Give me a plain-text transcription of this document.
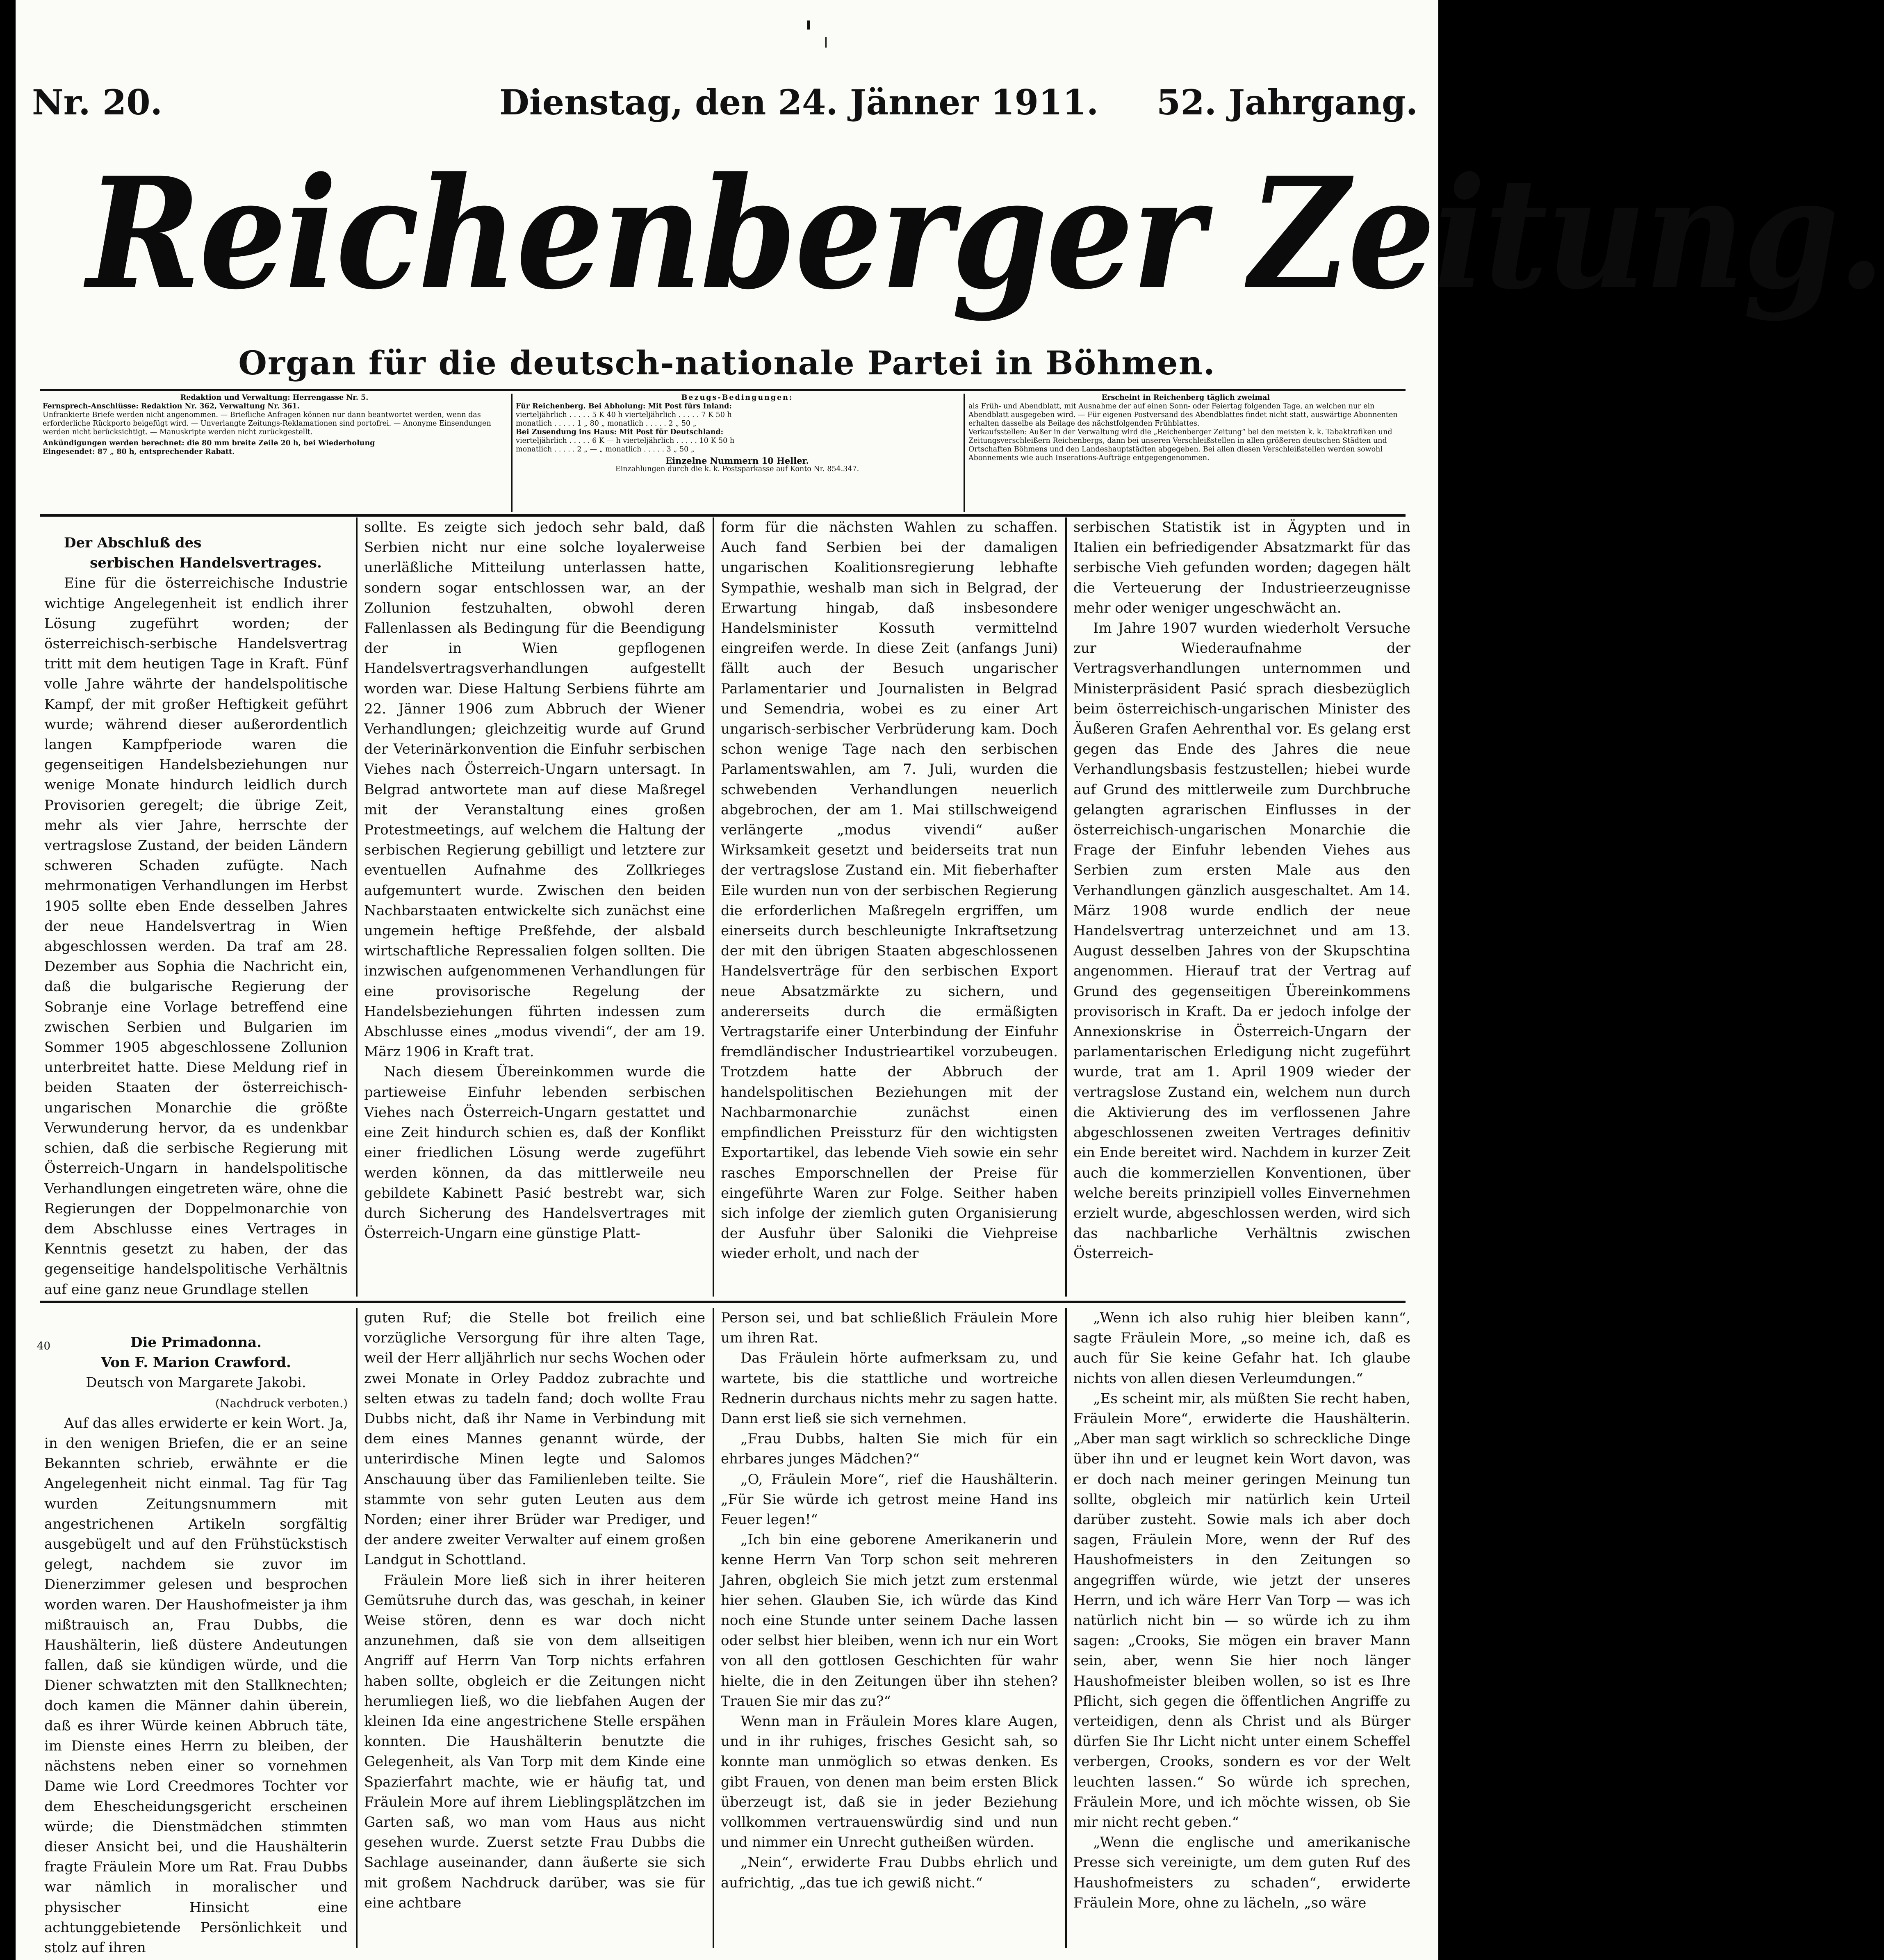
Nr. 20.	Dienstag, den 24. Jänner 1911. 52. Jahrgang.
Reichenberger Zeitung.
Organ für die deutsch-nationale Partei in Böhmen.

Redaktion und Verwaltung: Herrengasse Nr. 5.

Fernsprech-Anschlüsse: Redaktion Nr. 362, Verwaltung Nr. 361.

Unfrankierte Briefe werden nicht angenommen. — Briefliche Anfragen können nur dann beantwortet werden, wenn das erforderliche Rückporto beigefügt wird. — Unverlangte Zeitungs-Reklamationen sind portofrei. — Anonyme Einsendungen werden nicht berücksichtigt. — Manuskripte werden nicht zurückgestellt.

Ankündigungen werden berechnet: die 80 mm breite Zeile 20 h, bei Wiederholung

Eingesendet: 87 „ 80 h, entsprechender Rabatt.

Bezugs-Bedingungen:

Für Reichenberg. Bei Abholung: Mit Post fürs Inland:

vierteljährlich . . . . . 5 K 40 h vierteljährlich . . . . . 7 K 50 h

monatlich . . . . . 1 „ 80 „ monatlich . . . . . 2 „ 50 „

Bei Zusendung ins Haus: Mit Post für Deutschland:

vierteljährlich . . . . . 6 K — h vierteljährlich . . . . . 10 K 50 h

monatlich . . . . . 2 „ — „ monatlich . . . . . 3 „ 50 „

Einzelne Nummern 10 Heller.

Einzahlungen durch die k. k. Postsparkasse auf Konto Nr. 854.347.

Erscheint in Reichenberg täglich zweimal

als Früh- und Abendblatt, mit Ausnahme der auf einen Sonn- oder Feiertag folgenden Tage, an welchen nur ein Abendblatt ausgegeben wird. — Für eigenen Postversand des Abendblattes findet nicht statt, auswärtige Abonnenten erhalten dasselbe als Beilage des nächstfolgenden Frühblattes.

Verkaufsstellen: Außer in der Verwaltung wird die „Reichenberger Zeitung“ bei den meisten k. k. Tabaktrafiken und Zeitungsverschleißern Reichenbergs, dann bei unseren Verschleißstellen in allen größeren deutschen Städten und Ortschaften Böhmens und den Landeshauptstädten abgegeben. Bei allen diesen Verschleißstellen werden sowohl Abonnements wie auch Inserations-Aufträge entgegengenommen.

Der Abschluß des

serbischen Handelsvertrages.

Eine für die österreichische Industrie wichtige Angelegenheit ist endlich ihrer Lösung zugeführt worden; der österreichisch-serbische Handelsvertrag tritt mit dem heutigen Tage in Kraft. Fünf volle Jahre währte der handelspolitische Kampf, der mit großer Heftigkeit geführt wurde; während dieser außerordentlich langen Kampfperiode waren die gegenseitigen Handelsbeziehungen nur wenige Monate hindurch leidlich durch Provisorien geregelt; die übrige Zeit, mehr als vier Jahre, herrschte der vertragslose Zustand, der beiden Ländern schweren Schaden zufügte. Nach mehrmonatigen Verhandlungen im Herbst 1905 sollte eben Ende desselben Jahres der neue Handelsvertrag in Wien abgeschlossen werden. Da traf am 28. Dezember aus Sophia die Nachricht ein, daß die bulgarische Regierung der Sobranje eine Vorlage betreffend eine zwischen Serbien und Bulgarien im Sommer 1905 abgeschlossene Zollunion unterbreitet hatte. Diese Meldung rief in beiden Staaten der österreichisch-ungarischen Monarchie die größte Verwunderung hervor, da es undenkbar schien, daß die serbische Regierung mit Österreich-Ungarn in handelspolitische Verhandlungen eingetreten wäre, ohne die Regierungen der Doppelmonarchie von dem Abschlusse eines Vertrages in Kenntnis gesetzt zu haben, der das gegenseitige handelspolitische Verhältnis auf eine ganz neue Grundlage stellen

sollte. Es zeigte sich jedoch sehr bald, daß Serbien nicht nur eine solche loyalerweise unerläßliche Mitteilung unterlassen hatte, sondern sogar entschlossen war, an der Zollunion festzuhalten, obwohl deren Fallenlassen als Bedingung für die Beendigung der in Wien gepflogenen Handelsvertragsverhandlungen aufgestellt worden war. Diese Haltung Serbiens führte am 22. Jänner 1906 zum Abbruch der Wiener Verhandlungen; gleichzeitig wurde auf Grund der Veterinärkonvention die Einfuhr serbischen Viehes nach Österreich-Ungarn untersagt. In Belgrad antwortete man auf diese Maßregel mit der Veranstaltung eines großen Protestmeetings, auf welchem die Haltung der serbischen Regierung gebilligt und letztere zur eventuellen Aufnahme des Zollkrieges aufgemuntert wurde. Zwischen den beiden Nachbarstaaten entwickelte sich zunächst eine ungemein heftige Preßfehde, der alsbald wirtschaftliche Repressalien folgen sollten. Die inzwischen aufgenommenen Verhandlungen für eine provisorische Regelung der Handelsbeziehungen führten indessen zum Abschlusse eines „modus vivendi“, der am 19. März 1906 in Kraft trat.

Nach diesem Übereinkommen wurde die partieweise Einfuhr lebenden serbischen Viehes nach Österreich-Ungarn gestattet und eine Zeit hindurch schien es, daß der Konflikt einer friedlichen Lösung werde zugeführt werden können, da das mittlerweile neu gebildete Kabinett Pasić bestrebt war, sich durch Sicherung des Handelsvertrages mit Österreich-Ungarn eine günstige Platt-

form für die nächsten Wahlen zu schaffen. Auch fand Serbien bei der damaligen ungarischen Koalitionsregierung lebhafte Sympathie, weshalb man sich in Belgrad, der Erwartung hingab, daß insbesondere Handelsminister Kossuth vermittelnd eingreifen werde. In diese Zeit (anfangs Juni) fällt auch der Besuch ungarischer Parlamentarier und Journalisten in Belgrad und Semendria, wobei es zu einer Art ungarisch-serbischer Verbrüderung kam. Doch schon wenige Tage nach den serbischen Parlamentswahlen, am 7. Juli, wurden die schwebenden Verhandlungen neuerlich abgebrochen, der am 1. Mai stillschweigend verlängerte „modus vivendi“ außer Wirksamkeit gesetzt und beiderseits trat nun der vertragslose Zustand ein. Mit fieberhafter Eile wurden nun von der serbischen Regierung die erforderlichen Maßregeln ergriffen, um einerseits durch beschleunigte Inkraftsetzung der mit den übrigen Staaten abgeschlossenen Handelsverträge für den serbischen Export neue Absatzmärkte zu sichern, und andererseits durch die ermäßigten Vertragstarife einer Unterbindung der Einfuhr fremdländischer Industrieartikel vorzubeugen. Trotzdem hatte der Abbruch der handelspolitischen Beziehungen mit der Nachbarmonarchie zunächst einen empfindlichen Preissturz für den wichtigsten Exportartikel, das lebende Vieh sowie ein sehr rasches Emporschnellen der Preise für eingeführte Waren zur Folge. Seither haben sich infolge der ziemlich guten Organisierung der Ausfuhr über Saloniki die Viehpreise wieder erholt, und nach der

serbischen Statistik ist in Ägypten und in Italien ein befriedigender Absatzmarkt für das serbische Vieh gefunden worden; dagegen hält die Verteuerung der Industrieerzeugnisse mehr oder weniger ungeschwächt an.

Im Jahre 1907 wurden wiederholt Versuche zur Wiederaufnahme der Vertragsverhandlungen unternommen und Ministerpräsident Pasić sprach diesbezüglich beim österreichisch-ungarischen Minister des Äußeren Grafen Aehrenthal vor. Es gelang erst gegen das Ende des Jahres die neue Verhandlungsbasis festzustellen; hiebei wurde auf Grund des mittlerweile zum Durchbruche gelangten agrarischen Einflusses in der österreichisch-ungarischen Monarchie die Frage der Einfuhr lebenden Viehes aus Serbien zum ersten Male aus den Verhandlungen gänzlich ausgeschaltet. Am 14. März 1908 wurde endlich der neue Handelsvertrag unterzeichnet und am 13. August desselben Jahres von der Skupschtina angenommen. Hierauf trat der Vertrag auf Grund des gegenseitigen Übereinkommens provisorisch in Kraft. Da er jedoch infolge der Annexionskrise in Österreich-Ungarn der parlamentarischen Erledigung nicht zugeführt wurde, trat am 1. April 1909 wieder der vertragslose Zustand ein, welchem nun durch die Aktivierung des im verflossenen Jahre abgeschlossenen zweiten Vertrages definitiv ein Ende bereitet wird. Nachdem in kurzer Zeit auch die kommerziellen Konventionen, über welche bereits prinzipiell volles Einvernehmen erzielt wurde, abgeschlossen werden, wird sich das nachbarliche Verhältnis zwischen Österreich-

Die Primadonna.

Von F. Marion Crawford.

Deutsch von Margarete Jakobi.

(Nachdruck verboten.)

Auf das alles erwiderte er kein Wort. Ja, in den wenigen Briefen, die er an seine Bekannten schrieb, erwähnte er die Angelegenheit nicht einmal. Tag für Tag wurden Zeitungsnummern mit angestrichenen Artikeln sorgfältig ausgebügelt und auf den Frühstückstisch gelegt, nachdem sie zuvor im Dienerzimmer gelesen und besprochen worden waren. Der Haushofmeister ja ihm mißtrauisch an, Frau Dubbs, die Haushälterin, ließ düstere Andeutungen fallen, daß sie kündigen würde, und die Diener schwatzten mit den Stallknechten; doch kamen die Männer dahin überein, daß es ihrer Würde keinen Abbruch täte, im Dienste eines Herrn zu bleiben, der nächstens neben einer so vornehmen Dame wie Lord Creedmores Tochter vor dem Ehescheidungsgericht erscheinen würde; die Dienstmädchen stimmten dieser Ansicht bei, und die Haushälterin fragte Fräulein More um Rat. Frau Dubbs war nämlich in moralischer und physischer Hinsicht eine achtunggebietende Persönlichkeit und stolz auf ihren

40

guten Ruf; die Stelle bot freilich eine vorzügliche Versorgung für ihre alten Tage, weil der Herr alljährlich nur sechs Wochen oder zwei Monate in Orley Paddoz zubrachte und selten etwas zu tadeln fand; doch wollte Frau Dubbs nicht, daß ihr Name in Verbindung mit dem eines Mannes genannt würde, der unterirdische Minen legte und Salomos Anschauung über das Familienleben teilte. Sie stammte von sehr guten Leuten aus dem Norden; einer ihrer Brüder war Prediger, und der andere zweiter Verwalter auf einem großen Landgut in Schottland.

Fräulein More ließ sich in ihrer heiteren Gemütsruhe durch das, was geschah, in keiner Weise stören, denn es war doch nicht anzunehmen, daß sie von dem allseitigen Angriff auf Herrn Van Torp nichts erfahren haben sollte, obgleich er die Zeitungen nicht herumliegen ließ, wo die liebfahen Augen der kleinen Ida eine angestrichene Stelle erspähen konnten. Die Haushälterin benutzte die Gelegenheit, als Van Torp mit dem Kinde eine Spazierfahrt machte, wie er häufig tat, und Fräulein More auf ihrem Lieblingsplätzchen im Garten saß, wo man vom Haus aus nicht gesehen wurde. Zuerst setzte Frau Dubbs die Sachlage auseinander, dann äußerte sie sich mit großem Nachdruck darüber, was sie für eine achtbare

Person sei, und bat schließlich Fräulein More um ihren Rat.

Das Fräulein hörte aufmerksam zu, und wartete, bis die stattliche und wortreiche Rednerin durchaus nichts mehr zu sagen hatte. Dann erst ließ sie sich vernehmen.

„Frau Dubbs, halten Sie mich für ein ehrbares junges Mädchen?“

„O, Fräulein More“, rief die Haushälterin. „Für Sie würde ich getrost meine Hand ins Feuer legen!“

„Ich bin eine geborene Amerikanerin und kenne Herrn Van Torp schon seit mehreren Jahren, obgleich Sie mich jetzt zum erstenmal hier sehen. Glauben Sie, ich würde das Kind noch eine Stunde unter seinem Dache lassen oder selbst hier bleiben, wenn ich nur ein Wort von all den gottlosen Geschichten für wahr hielte, die in den Zeitungen über ihn stehen? Trauen Sie mir das zu?“

Wenn man in Fräulein Mores klare Augen, und in ihr ruhiges, frisches Gesicht sah, so konnte man unmöglich so etwas denken. Es gibt Frauen, von denen man beim ersten Blick überzeugt ist, daß sie in jeder Beziehung vollkommen vertrauenswürdig sind und nun und nimmer ein Unrecht gutheißen würden.

„Nein“, erwiderte Frau Dubbs ehrlich und aufrichtig, „das tue ich gewiß nicht.“

„Wenn ich also ruhig hier bleiben kann“, sagte Fräulein More, „so meine ich, daß es auch für Sie keine Gefahr hat. Ich glaube nichts von allen diesen Verleumdungen.“

„Es scheint mir, als müßten Sie recht haben, Fräulein More“, erwiderte die Haushälterin. „Aber man sagt wirklich so schreckliche Dinge über ihn und er leugnet kein Wort davon, was er doch nach meiner geringen Meinung tun sollte, obgleich mir natürlich kein Urteil darüber zusteht. Sowie mals ich aber doch sagen, Fräulein More, wenn der Ruf des Haushofmeisters in den Zeitungen so angegriffen würde, wie jetzt der unseres Herrn, und ich wäre Herr Van Torp — was ich natürlich nicht bin — so würde ich zu ihm sagen: „Crooks, Sie mögen ein braver Mann sein, aber, wenn Sie hier noch länger Haushofmeister bleiben wollen, so ist es Ihre Pflicht, sich gegen die öffentlichen Angriffe zu verteidigen, denn als Christ und als Bürger dürfen Sie Ihr Licht nicht unter einem Scheffel verbergen, Crooks, sondern es vor der Welt leuchten lassen.“ So würde ich sprechen, Fräulein More, und ich möchte wissen, ob Sie mir nicht recht geben.“

„Wenn die englische und amerikanische Presse sich vereinigte, um dem guten Ruf des Haushofmeisters zu schaden“, erwiderte Fräulein More, ohne zu lächeln, „so wäre
